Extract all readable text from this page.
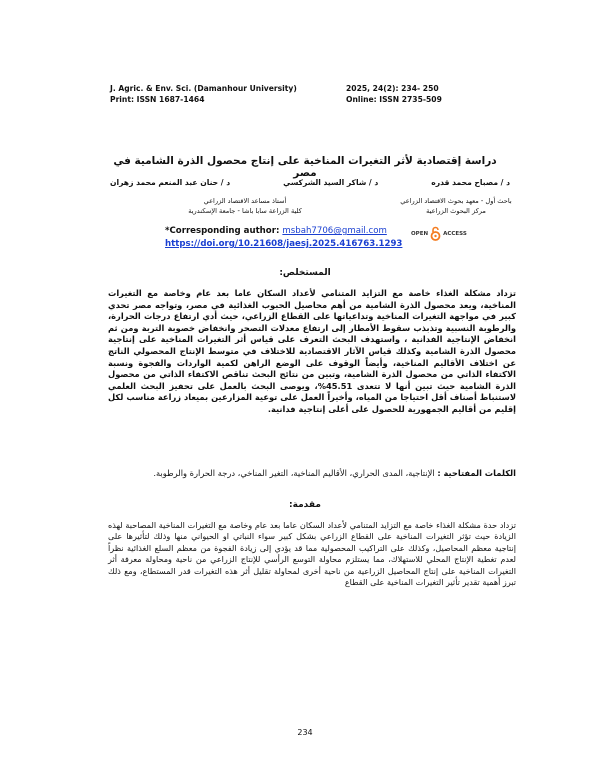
J. Agric. & Env. Sci. (Damanhour University)
Print: ISSN 1687-1464
2025, 24(2): 234- 250
Online: ISSN 2735-509
دراسة إقتصادية لأثر التغيرات المناخية على إنتاج محصول الذرة الشامية في مصر
د / مصباح محمد قدره
د / شاكر السيد الشركسي
د / حنان عبد المنعم محمد زهران
باحث أول - معهد بحوث الاقتصاد الزراعي
مركز البحوث الزراعية
أستاذ مساعد الاقتصاد الزراعي
كلية الزراعة سابا باشا - جامعة الإسكندرية
*Corresponding author: msbah7706@gmail.com
https://doi.org/10.21608/jaesj.2025.416763.1293
OPEN	ACCESS
المستخلص:
تزداد مشكلة الغذاء خاصة مع التزايد المتنامي لأعداد السكان عاما بعد عام وخاصة مع التغيرات المناخية، ويعد محصول الذرة الشامية من أهم محاصيل الحبوب الغذائية في مصر، وتواجه مصر تحدي كبير في مواجهة التغيرات المناخية وتداعياتها على القطاع الزراعي، حيث أدي ارتفاع درجات الحرارة، والرطوبة النسبية وتذبذب سقوط الأمطار إلى ارتفاع معدلات التصحر وانخفاض خصوبة التربة ومن ثم انخفاض الإنتاجية الفدانية ، واستهدف البحث التعرف على قياس أثر التغيرات المناخية على إنتاجية محصول الذرة الشامية وكذلك قياس الآثار الاقتصادية للاختلاف في متوسط الإنتاج المحصولي الناتج عن اختلاف الأقاليم المناخية، وأيضاً الوقوف على الوضع الراهن لكمية الواردات والفجوة ونسبة الاكتفاء الذاتي من محصول الذرة الشامية، وتبين من نتائج البحث تناقص الاكتفاء الذاتي من محصول الذرة الشامية حيث تبين أنها لا تتعدى 45.51%، ويوصى البحث بالعمل على تحفيز البحث العلمي لاستنباط أصناف أقل احتياجا من المياه، وأخيراً العمل على توعية المزارعين بميعاد زراعة مناسب لكل إقليم من أقاليم الجمهورية للحصول على أعلى إنتاجية فدانية.
الكلمات المفتاحية : الإنتاجية، المدى الحراري، الأقاليم المناخية، التغير المناخي، درجة الحرارة والرطوبة.
مقدمة:
تزداد حدة مشكلة الغذاء خاصة مع التزايد المتنامي لأعداد السكان عاما بعد عام وخاصة مع التغيرات المناخية المصاحبة لهذه الزيادة حيث تؤثر التغيرات المناخية على القطاع الزراعي بشكل كبير سواء النباتي او الحيواني منها وذلك لتأثيرها على إنتاجية معظم المحاصيل، وكذلك على التراكيب المحصولية مما قد يؤدي إلى زيادة الفجوة من معظم السلع الغذائية نظراً لعدم تغطية الإنتاج المحلي للاستهلاك، مما يستلزم محاولة التوسع الرأسي للإنتاج الزراعي من ناحية ومحاولة معرفة أثر التغيرات المناخية على إنتاج المحاصيل الزراعية من ناحية أخرى لمحاولة تقليل أثر هذه التغيرات قدر المستطاع، ومع ذلك تبرز أهمية تقدير تأثير التغيرات المناخية على القطاع
234
